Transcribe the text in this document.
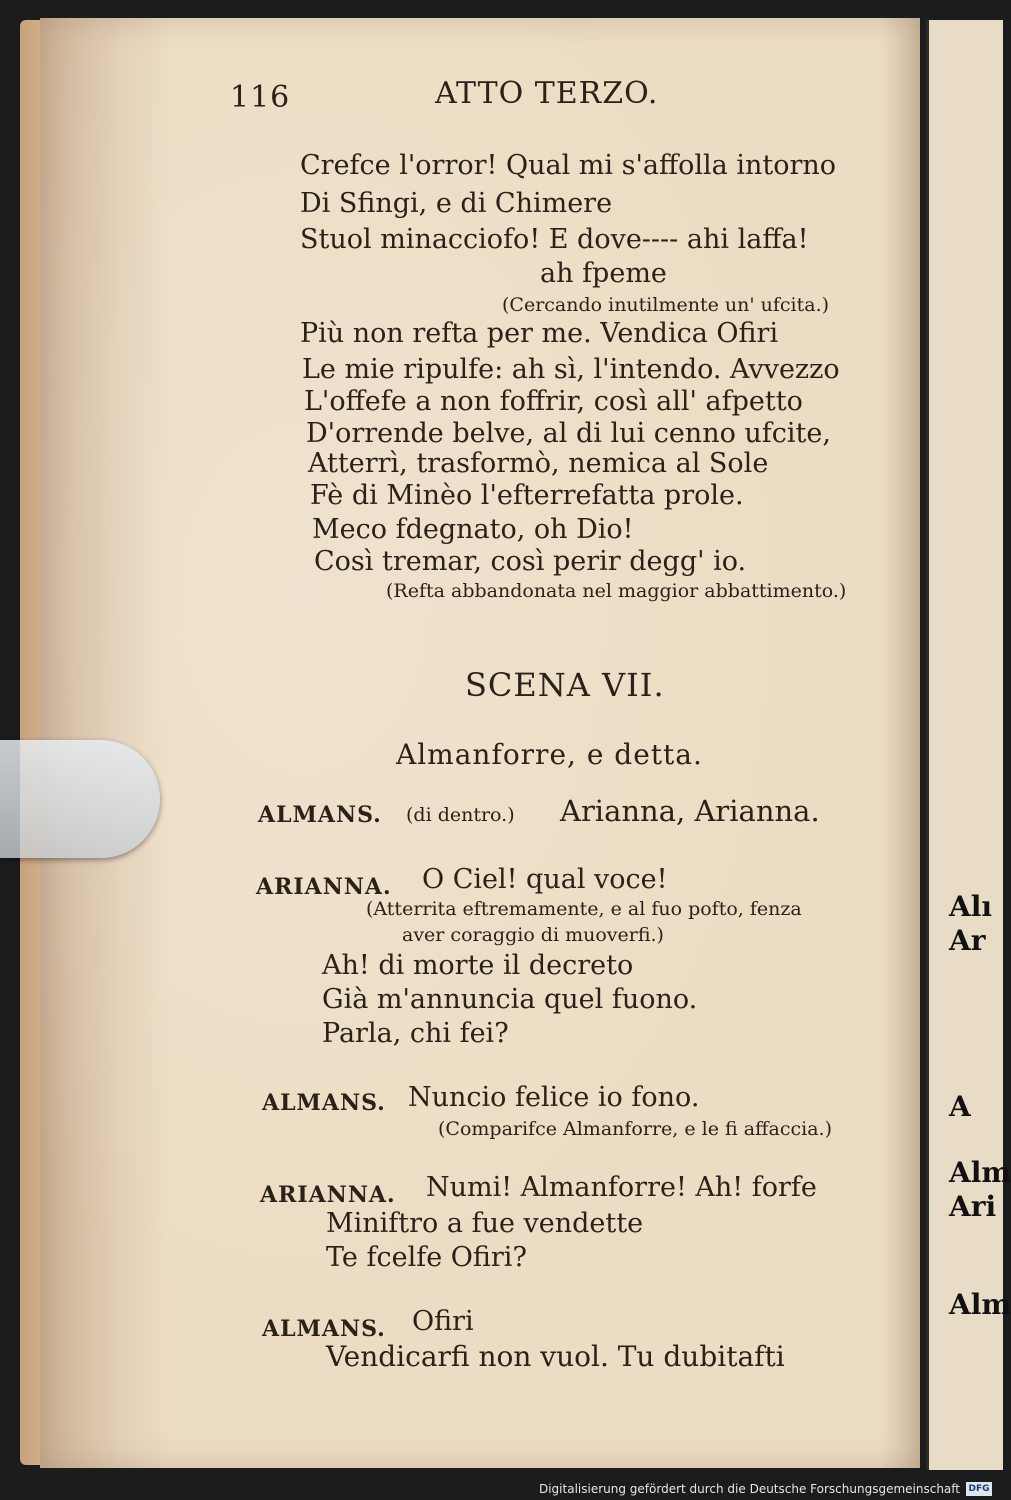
116	ATTO TERZO.
Crefce l'orror! Qual mi s'affolla intorno
Di Sfingi, e di Chimere
Stuol minacciofo! E dove---- ahi laffa!
ah fpeme
(Cercando inutilmente un' ufcita.)
Più non refta per me. Vendica Ofiri
Le mie ripulfe: ah sì, l'intendo. Avvezzo
L'offefe a non foffrir, così all' afpetto
D'orrende belve, al di lui cenno ufcite,
Atterrì, trasformò, nemica al Sole
Fè di Minèo l'efterrefatta prole.
Meco fdegnato, oh Dio!
Così tremar, così perir degg' io.
(Refta abbandonata nel maggior abbattimento.)
SCENA VII.
Almanforre, e detta.
ALMANS. (di dentro.) Arianna, Arianna.
ARIANNA. O Ciel! qual voce!
(Atterrita eftremamente, e al fuo pofto, fenza
aver coraggio di muoverfi.)
Ah! di morte il decreto
Già m'annuncia quel fuono.
Parla, chi fei?
ALMANS. Nuncio felice io fono.
(Comparifce Almanforre, e le fi affaccia.)
ARIANNA. Numi! Almanforre! Ah! forfe
Miniftro a fue vendette
Te fcelfe Ofiri?
ALMANS. Ofiri
Vendicarfi non vuol. Tu dubitafti
Alı
Ar
A
Alm
Ari
Alm
Digitalisierung gefördert durch die Deutsche Forschungsgemeinschaft DFG
